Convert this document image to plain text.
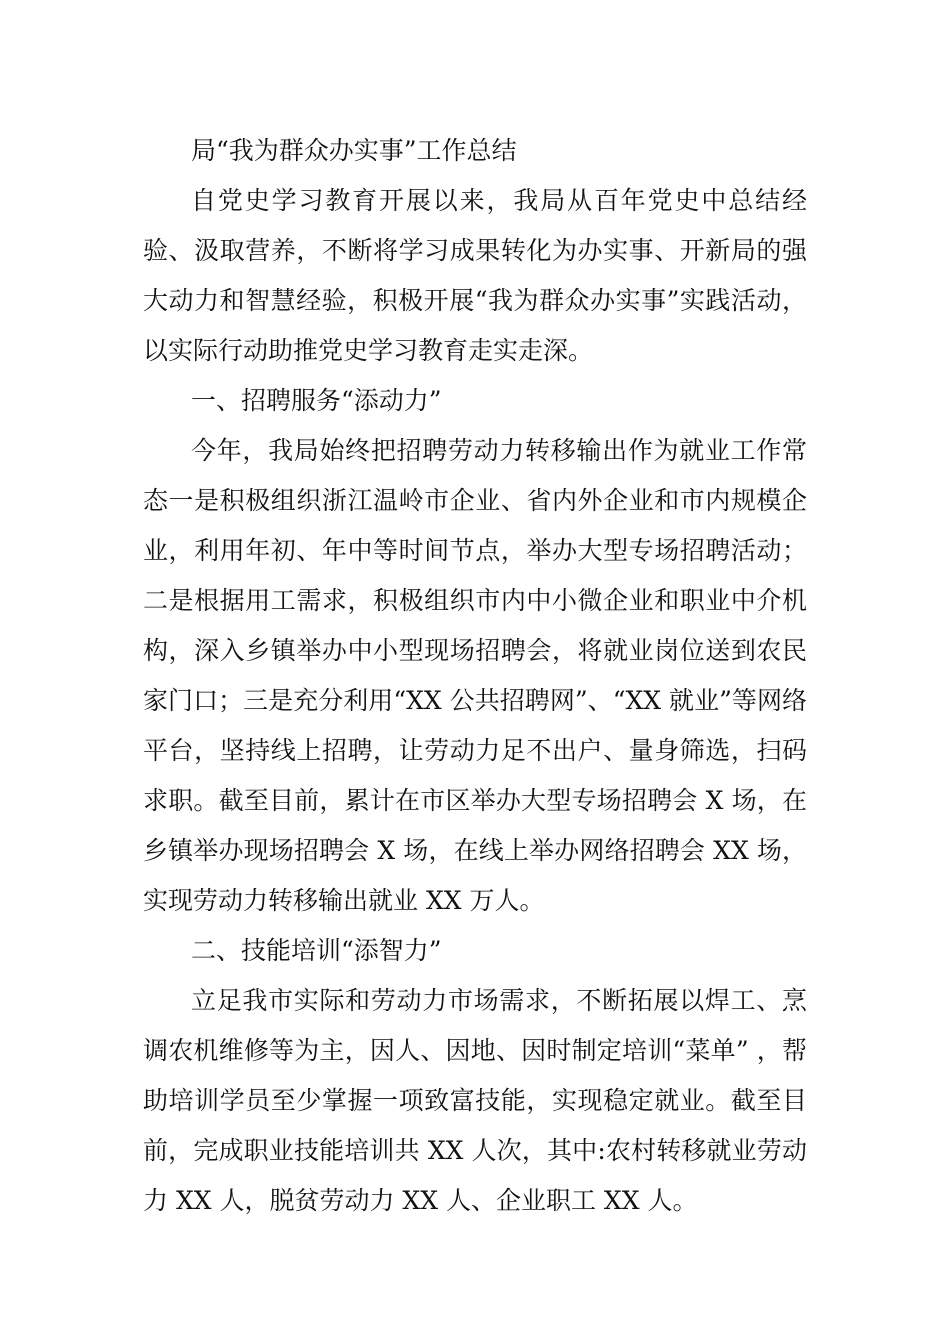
局“我为群众办实事”工作总结

自党史学习教育开展以来，我局从百年党史中总结经验、汲取营养，不断将学习成果转化为办实事、开新局的强大动力和智慧经验，积极开展“我为群众办实事”实践活动，以实际行动助推党史学习教育走实走深。

一、招聘服务“添动力”

今年，我局始终把招聘劳动力转移输出作为就业工作常态一是积极组织浙江温岭市企业、省内外企业和市内规模企业，利用年初、年中等时间节点，举办大型专场招聘活动；二是根据用工需求，积极组织市内中小微企业和职业中介机构，深入乡镇举办中小型现场招聘会，将就业岗位送到农民家门口；三是充分利用“XX 公共招聘网”、“XX 就业”等网络平台，坚持线上招聘，让劳动力足不出户、量身筛选，扫码求职。截至目前，累计在市区举办大型专场招聘会 X 场，在乡镇举办现场招聘会 X 场，在线上举办网络招聘会 XX 场，实现劳动力转移输出就业 XX 万人。

二、技能培训“添智力”

立足我市实际和劳动力市场需求，不断拓展以焊工、烹调农机维修等为主，因人、因地、因时制定培训“菜单” ，帮助培训学员至少掌握一项致富技能，实现稳定就业。截至目前，完成职业技能培训共 XX 人次，其中:农村转移就业劳动力 XX 人，脱贫劳动力 XX 人、企业职工 XX 人。
